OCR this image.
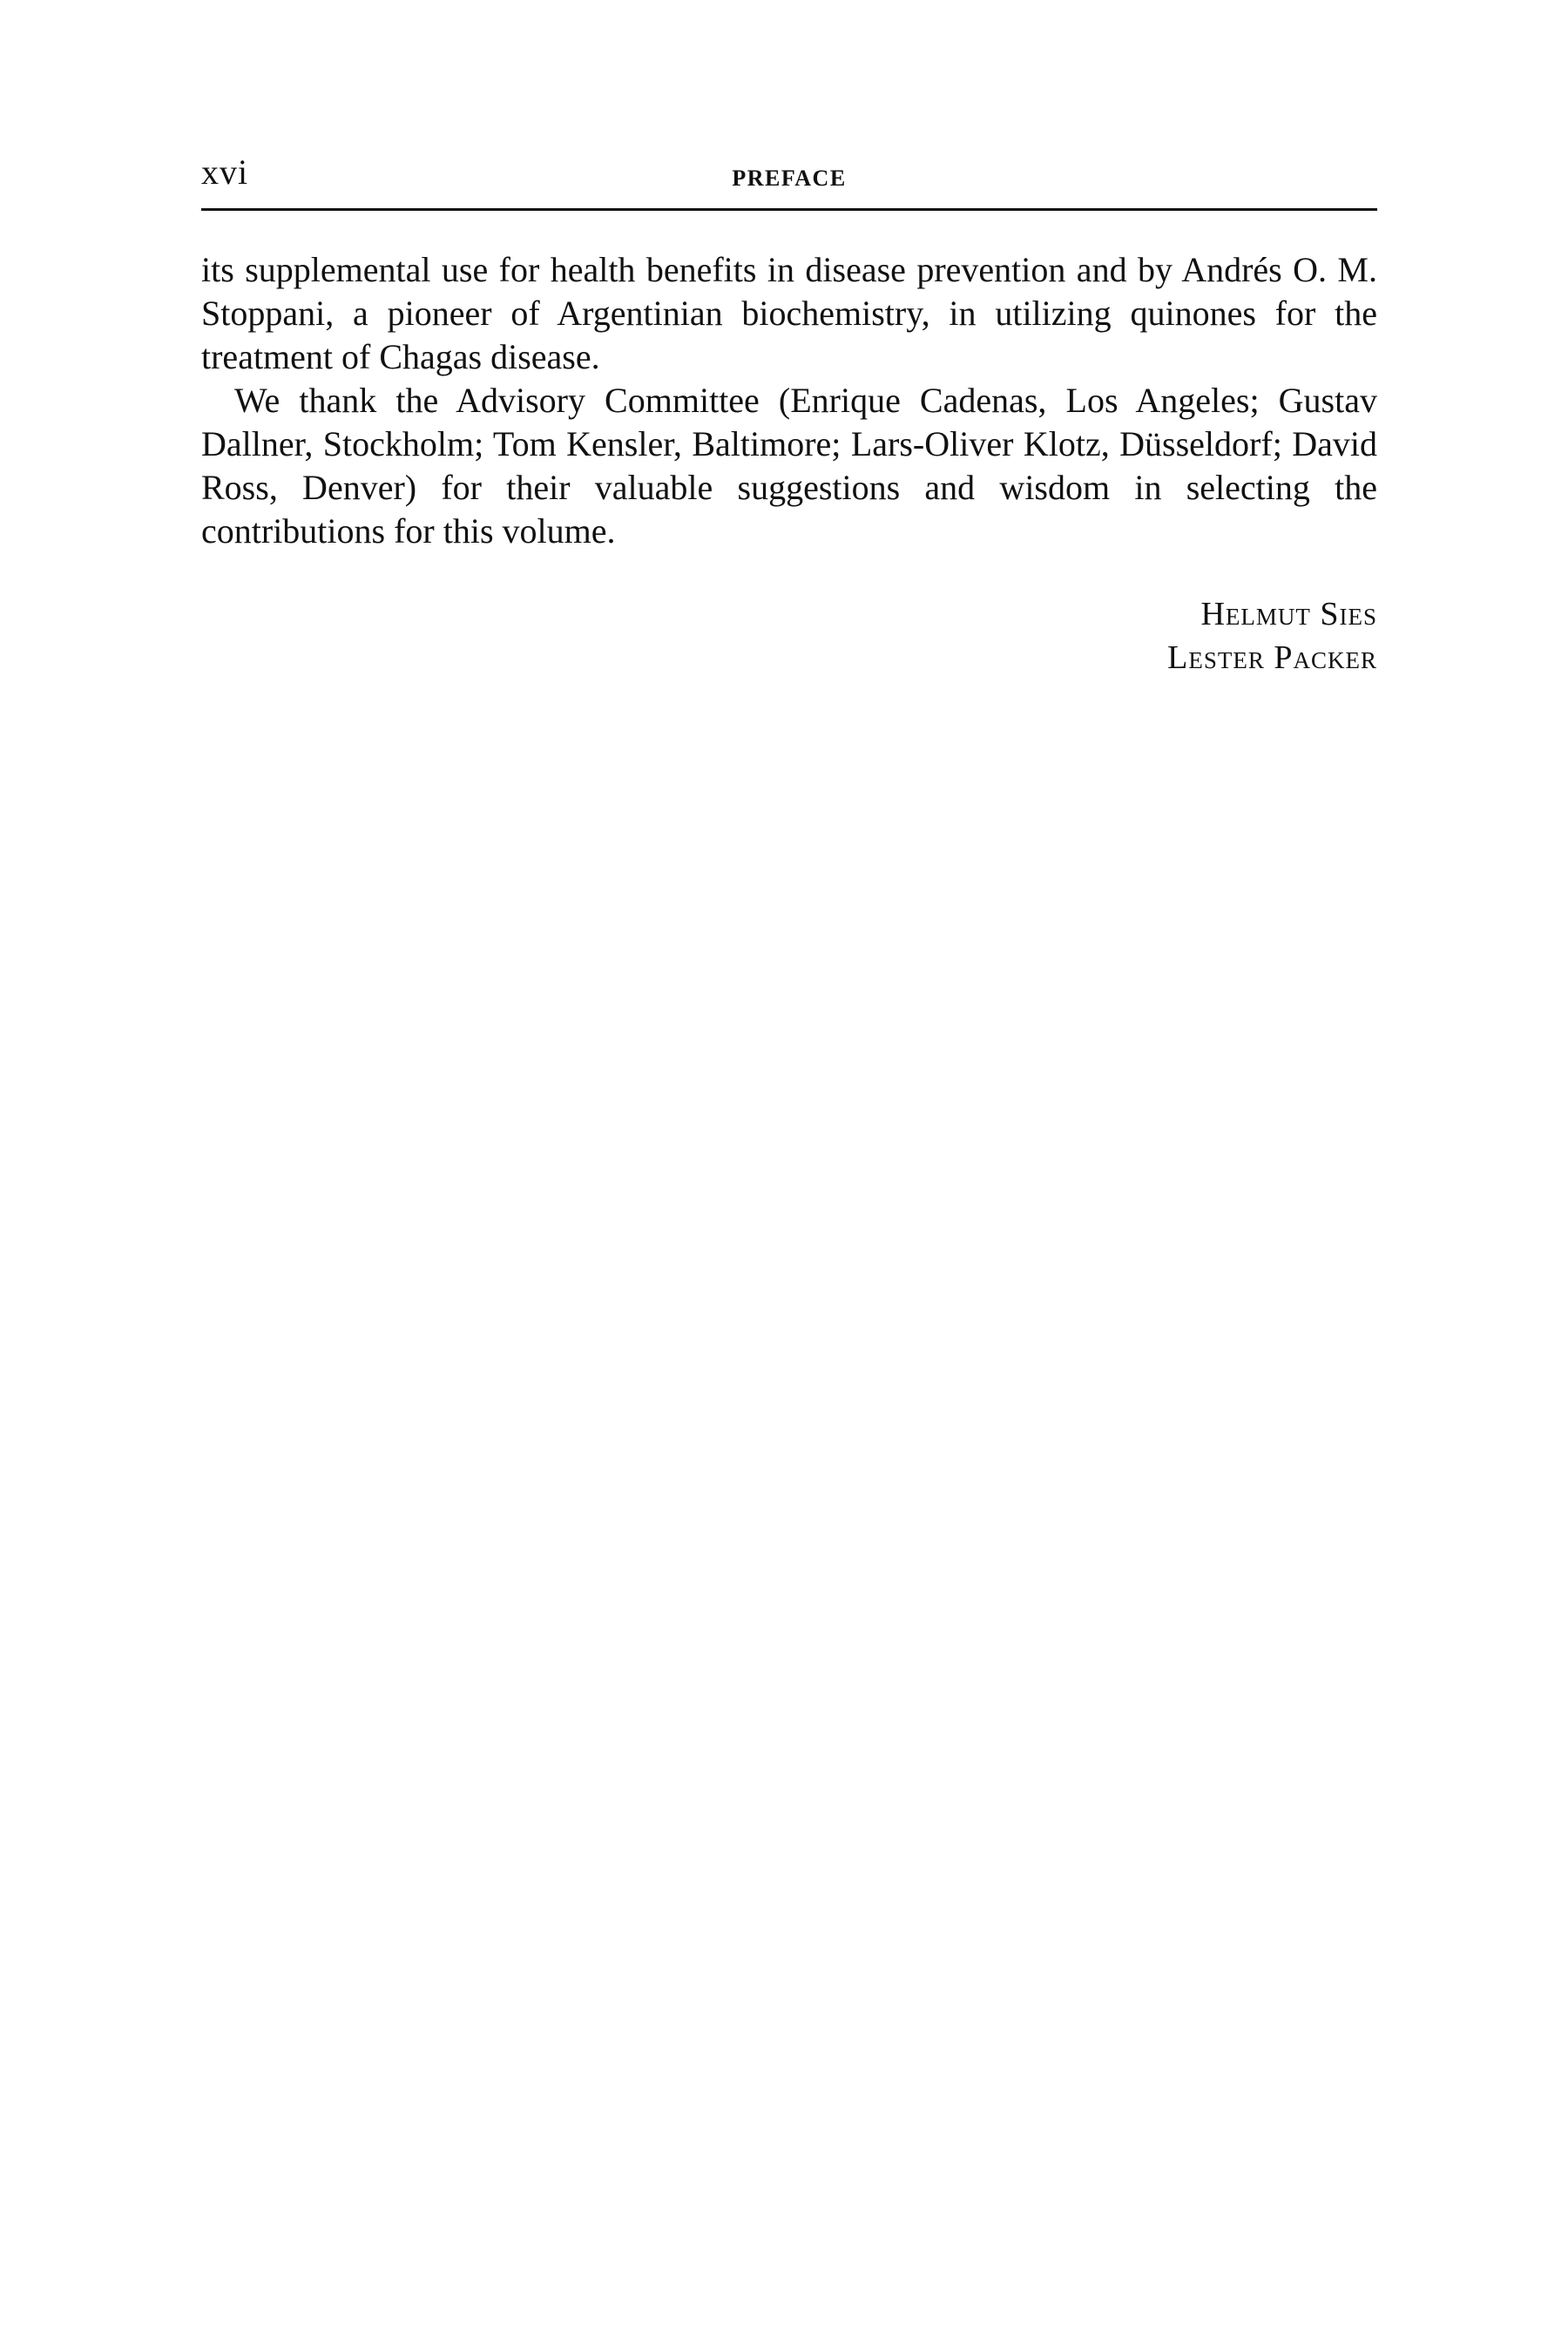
xvi	PREFACE

its supplemental use for health benefits in disease prevention and by Andrés O. M. Stoppani, a pioneer of Argentinian biochemistry, in utilizing quinones for the treatment of Chagas disease.

We thank the Advisory Committee (Enrique Cadenas, Los Angeles; Gustav Dallner, Stockholm; Tom Kensler, Baltimore; Lars-Oliver Klotz, Düsseldorf; David Ross, Denver) for their valuable suggestions and wisdom in selecting the contributions for this volume.

Helmut Sies
Lester Packer
